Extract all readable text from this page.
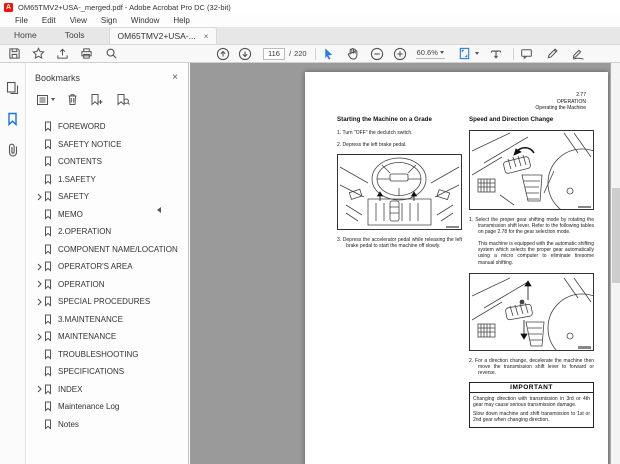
A OM65TMV2+USA-_merged.pdf - Adobe Acrobat Pro DC (32-bit)
File	Edit	View	Sign	Window	Help
Home	Tools	OM65TMV2+USA-... ×
116
/ 220	60.6%
Bookmarks	×
FOREWORD
SAFETY NOTICE
CONTENTS
1.SAFETY
SAFETY
MEMO
2.OPERATION
COMPONENT NAME/LOCATION
OPERATOR'S AREA
OPERATION
SPECIAL PROCEDURES
3.MAINTENANCE
MAINTENANCE
TROUBLESHOOTING
SPECIFICATIONS
INDEX
Maintenance Log
Notes
2.77
OPERATION
Operating the Machine
Starting the Machine on a Grade
1. Turn "OFF" the declutch switch.
2. Depress the left brake pedal.
3. Depress the accelerator pedal while releasing the left brake pedal to start the machine off slowly.
Speed and Direction Change
1. Select the proper gear shifting mode by rotating the transmission shift lever. Refer to the following tables on page 2.78 for the gear selection mode.
This machine is equipped with the automatic shifting system which selects the proper gear automatically using a micro computer to eliminate tiresome manual shifting.
2. For a direction change, decelerate the machine then move the transmission shift lever to forward or reverse.
IMPORTANT
Changing direction with transmission in 3rd or 4th gear may cause serious transmission damage.
Slow down machine and shift transmission to 1st or 2nd gear when changing direction.
